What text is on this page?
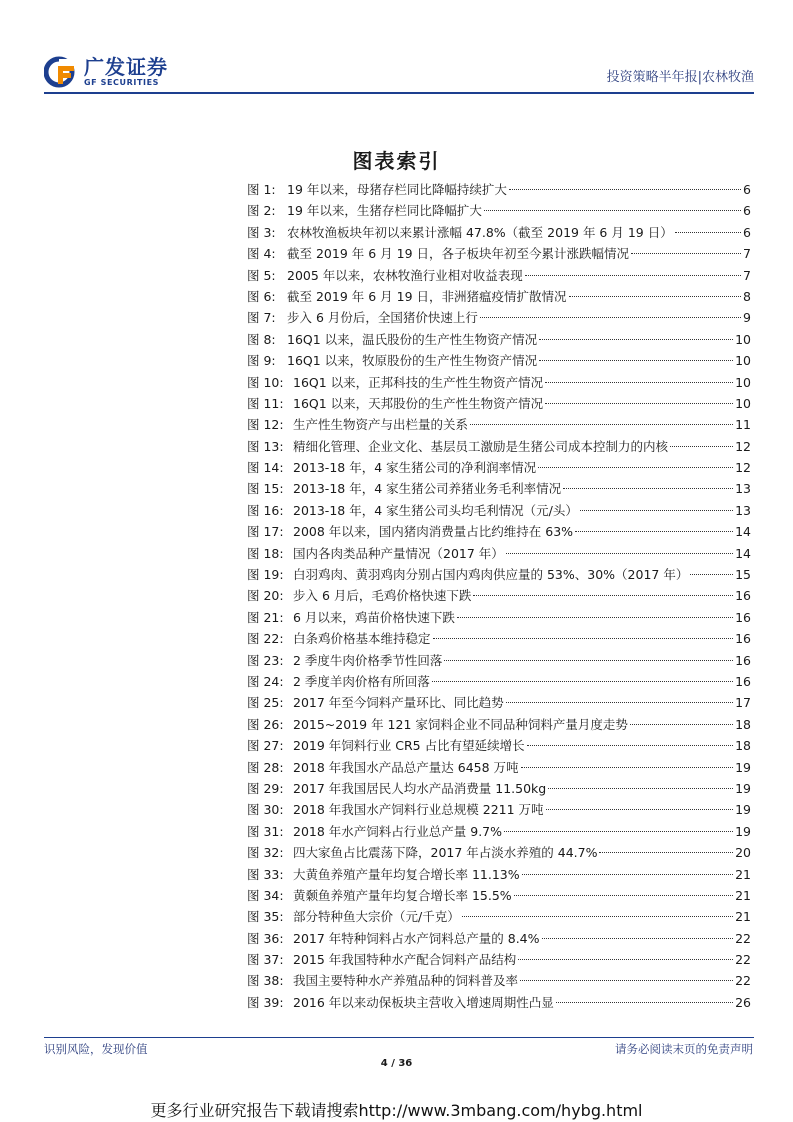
广发证券
GF SECURITIES	投资策略半年报|农林牧渔
图表索引
图 1: 19 年以来，母猪存栏同比降幅持续扩大	6
图 2: 19 年以来，生猪存栏同比降幅扩大	6
图 3: 农林牧渔板块年初以来累计涨幅 47.8%（截至 2019 年 6 月 19 日）	6
图 4: 截至 2019 年 6 月 19 日，各子板块年初至今累计涨跌幅情况	7
图 5: 2005 年以来，农林牧渔行业相对收益表现	7
图 6: 截至 2019 年 6 月 19 日，非洲猪瘟疫情扩散情况	8
图 7: 步入 6 月份后，全国猪价快速上行	9
图 8: 16Q1 以来，温氏股份的生产性生物资产情况	10
图 9: 16Q1 以来，牧原股份的生产性生物资产情况	10
图 10: 16Q1 以来，正邦科技的生产性生物资产情况	10
图 11: 16Q1 以来，天邦股份的生产性生物资产情况	10
图 12: 生产性生物资产与出栏量的关系	11
图 13: 精细化管理、企业文化、基层员工激励是生猪公司成本控制力的内核	12
图 14: 2013-18 年，4 家生猪公司的净利润率情况	12
图 15: 2013-18 年，4 家生猪公司养猪业务毛利率情况	13
图 16: 2013-18 年，4 家生猪公司头均毛利情况（元/头）	13
图 17: 2008 年以来，国内猪肉消费量占比约维持在 63%	14
图 18: 国内各肉类品种产量情况（2017 年）	14
图 19: 白羽鸡肉、黄羽鸡肉分别占国内鸡肉供应量的 53%、30%（2017 年）	15
图 20: 步入 6 月后，毛鸡价格快速下跌	16
图 21: 6 月以来，鸡苗价格快速下跌	16
图 22: 白条鸡价格基本维持稳定	16
图 23: 2 季度牛肉价格季节性回落	16
图 24: 2 季度羊肉价格有所回落	16
图 25: 2017 年至今饲料产量环比、同比趋势	17
图 26: 2015~2019 年 121 家饲料企业不同品种饲料产量月度走势	18
图 27: 2019 年饲料行业 CR5 占比有望延续增长	18
图 28: 2018 年我国水产品总产量达 6458 万吨	19
图 29: 2017 年我国居民人均水产品消费量 11.50kg	19
图 30: 2018 年我国水产饲料行业总规模 2211 万吨	19
图 31: 2018 年水产饲料占行业总产量 9.7%	19
图 32: 四大家鱼占比震荡下降，2017 年占淡水养殖的 44.7%	20
图 33: 大黄鱼养殖产量年均复合增长率 11.13%	21
图 34: 黄颡鱼养殖产量年均复合增长率 15.5%	21
图 35: 部分特种鱼大宗价（元/千克）	21
图 36: 2017 年特种饲料占水产饲料总产量的 8.4%	22
图 37: 2015 年我国特种水产配合饲料产品结构	22
图 38: 我国主要特种水产养殖品种的饲料普及率	22
图 39: 2016 年以来动保板块主营收入增速周期性凸显	26
识别风险，发现价值	请务必阅读末页的免责声明
4 / 36
更多行业研究报告下载请搜索http://www.3mbang.com/hybg.html
